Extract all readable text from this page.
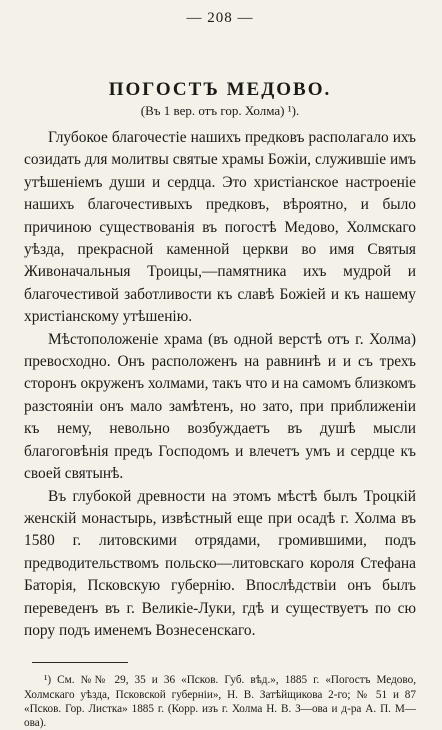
— 208 —
ПОГОСТЪ МЕДОВО.
(Въ 1 вер. отъ гор. Холма) ¹).

Глубокое благочестіе нашихъ предковъ располагало ихъ созидать для молитвы святые храмы Божіи, служившіе имъ утѣшеніемъ души и сердца. Это христіанское настроеніе нашихъ благочестивыхъ предковъ, вѣроятно, и было причиною существованія въ погостѣ Медово, Холмскаго уѣзда, прекрасной каменной церкви во имя Святыя Живоначальныя Троицы,—памятника ихъ мудрой и благочестивой заботливости къ славѣ Божіей и къ нашему христіанскому утѣшенію.

Мѣстоположеніе храма (въ одной верстѣ отъ г. Холма) превосходно. Онъ расположенъ на равнинѣ и и съ трехъ сторонъ окруженъ холмами, такъ что и на самомъ близкомъ разстояніи онъ мало замѣтенъ, но зато, при приближеніи къ нему, невольно возбуждаетъ въ душѣ мысли благоговѣнія предъ Господомъ и влечетъ умъ и сердце къ своей святынѣ.

Въ глубокой древности на этомъ мѣстѣ былъ Троцкій женскій монастырь, извѣстный еще при осадѣ г. Холма въ 1580 г. литовскими отрядами, громившими, подъ предводительствомъ польско—литовскаго короля Стефана Баторія, Псковскую губернію. Впослѣдствіи онъ былъ переведенъ въ г. Великіе-Луки, гдѣ и существуетъ по сю пору подъ именемъ Вознесенскаго.

¹) См. №№ 29, 35 и 36 «Псков. Губ. вѣд.», 1885 г. «Погостъ Медово, Холмскаго уѣзда, Псковской губерніи», Н. В. Затѣйщикова 2-го; № 51 и 87 «Псков. Гор. Листка» 1885 г. (Корр. изъ г. Холма Н. В. З—ова и д-ра А. П. М—ова).
